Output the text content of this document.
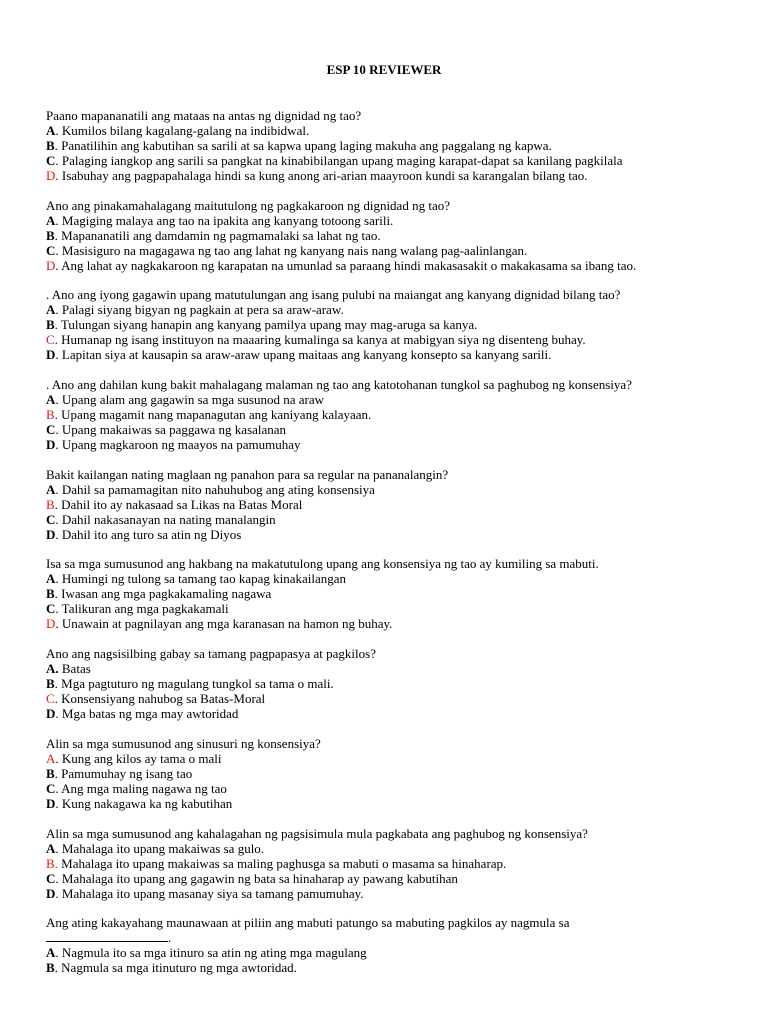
ESP 10 REVIEWER
Paano mapananatili ang mataas na antas ng dignidad ng tao?
A. Kumilos bilang kagalang-galang na indibidwal.
B. Panatilihin ang kabutihan sa sarili at sa kapwa upang laging makuha ang paggalang ng kapwa.
C. Palaging iangkop ang sarili sa pangkat na kinabibilangan upang maging karapat-dapat sa kanilang pagkilala
D. Isabuhay ang pagpapahalaga hindi sa kung anong ari-arian maayroon kundi sa karangalan bilang tao.
Ano ang pinakamahalagang maitutulong ng pagkakaroon ng dignidad ng tao?
A. Magiging malaya ang tao na ipakita ang kanyang totoong sarili.
B. Mapananatili ang damdamin ng pagmamalaki sa lahat ng tao.
C. Masisiguro na magagawa ng tao ang lahat ng kanyang nais nang walang pag-aalinlangan.
D. Ang lahat ay nagkakaroon ng karapatan na umunlad sa paraang hindi makasasakit o makakasama sa ibang tao.
. Ano ang iyong gagawin upang matutulungan ang isang pulubi na maiangat ang kanyang dignidad bilang tao?
A. Palagi siyang bigyan ng pagkain at pera sa araw-araw.
B. Tulungan siyang hanapin ang kanyang pamilya upang may mag-aruga sa kanya.
C. Humanap ng isang instituyon na maaaring kumalinga sa kanya at mabigyan siya ng disenteng buhay.
D. Lapitan siya at kausapin sa araw-araw upang maitaas ang kanyang konsepto sa kanyang sarili.
. Ano ang dahilan kung bakit mahalagang malaman ng tao ang katotohanan tungkol sa paghubog ng konsensiya?
A. Upang alam ang gagawin sa mga susunod na araw
B. Upang magamit nang mapanagutan ang kaniyang kalayaan.
C. Upang makaiwas sa paggawa ng kasalanan
D. Upang magkaroon ng maayos na pamumuhay
Bakit kailangan nating maglaan ng panahon para sa regular na pananalangin?
A. Dahil sa pamamagitan nito nahuhubog ang ating konsensiya
B. Dahil ito ay nakasaad sa Likas na Batas Moral
C. Dahil nakasanayan na nating manalangin
D. Dahil ito ang turo sa atin ng Diyos
Isa sa mga sumusunod ang hakbang na makatutulong upang ang konsensiya ng tao ay kumiling sa mabuti.
A. Humingi ng tulong sa tamang tao kapag kinakailangan
B. Iwasan ang mga pagkakamaling nagawa
C. Talikuran ang mga pagkakamali
D. Unawain at pagnilayan ang mga karanasan na hamon ng buhay.
Ano ang nagsisilbing gabay sa tamang pagpapasya at pagkilos?
A. Batas
B. Mga pagtuturo ng magulang tungkol sa tama o mali.
C. Konsensiyang nahubog sa Batas-Moral
D. Mga batas ng mga may awtoridad
Alin sa mga sumusunod ang sinusuri ng konsensiya?
A. Kung ang kilos ay tama o mali
B. Pamumuhay ng isang tao
C. Ang mga maling nagawa ng tao
D. Kung nakagawa ka ng kabutihan
Alin sa mga sumusunod ang kahalagahan ng pagsisimula mula pagkabata ang paghubog ng konsensiya?
A. Mahalaga ito upang makaiwas sa gulo.
B. Mahalaga ito upang makaiwas sa maling paghusga sa mabuti o masama sa hinaharap.
C. Mahalaga ito upang ang gagawin ng bata sa hinaharap ay pawang kabutihan
D. Mahalaga ito upang masanay siya sa tamang pamumuhay.
Ang ating kakayahang maunawaan at piliin ang mabuti patungo sa mabuting pagkilos ay nagmula sa
.
A. Nagmula ito sa mga itinuro sa atin ng ating mga magulang
B. Nagmula sa mga itinuturo ng mga awtoridad.
